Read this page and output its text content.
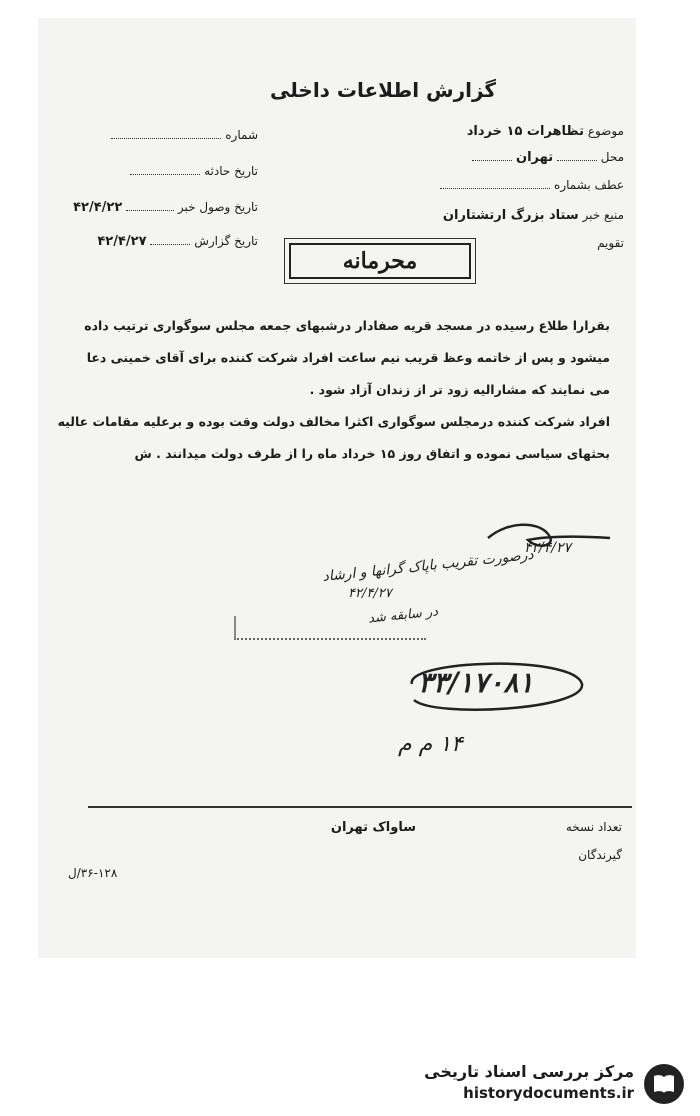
گزارش اطلاعات داخلی
شماره
تاریخ حادثه
تاریخ وصول خبر  ۴۲/۴/۲۲
تاریخ گزارش  ۴۲/۴/۲۷
موضوع تظاهرات ۱۵ خرداد
محل  تهران
عطف بشماره
منبع خبر ستاد بزرگ ارتشتاران
تقویم
محرمانه
بقرارا طلاع رسیده در مسجد قریه صفادار درشبهای جمعه مجلس سوگواری ترتیب داده
میشود و پس از خاتمه وعظ قریب نیم ساعت افراد شرکت کننده برای آقای خمینی دعا
می نمایند که مشارالیه زود تر از زندان آزاد شود .
افراد شرکت کننده درمجلس سوگواری اکثرا مخالف دولت وقت بوده و برعلیه مقامات عالیه
بحثهای سیاسی نموده و اتفاق روز ۱۵ خرداد ماه را از طرف دولت میدانند . ش
۴۲/۴/۲۷
درصورت تقریب باپاک گرانها و ارشاد
۴۲/۴/۲۷
در سابقه شد
۳۳/۱۷۰۸۱
۱۴ م م
تعداد نسخه
ساواک تهران
گیرندگان
۳۶-۱۲۸/ل
مرکز بررسی اسناد تاریخی
historydocuments.ir
